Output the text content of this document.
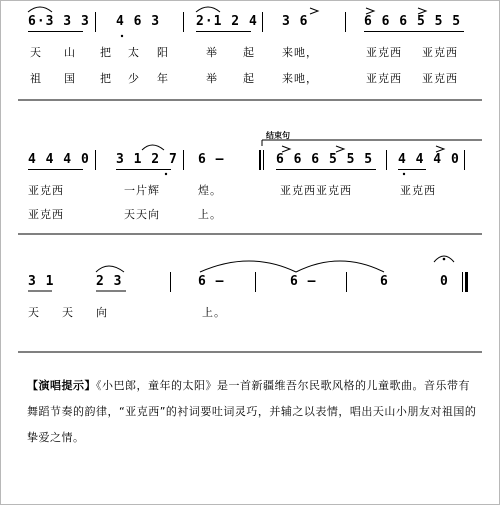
6·3 3 3 4 6 3	2·1 2 4 3 6	6 6 6 5 5 5
天 山 把 太 阳	举 起 来吔，	亚克西 亚克西
祖 国 把 少 年	举 起 来吔，	亚克西 亚克西
结束句
4 4 4 0 3 1 2 7 6 –	6 6 6 5 5 5 4 4 4 0
亚克西	一片辉	煌。	亚克西亚克西	亚克西
亚克西	天天向	上。
3 1	2 3	6 –	6 –	6	0
天 天 向	上。
【演唱提示】《小巴郎，童年的太阳》是一首新疆维吾尔民歌风格的儿童歌曲。音乐带有舞蹈节奏的韵律，“亚克西”的衬词要吐词灵巧，并辅之以表情，唱出天山小朋友对祖国的挚爱之情。
